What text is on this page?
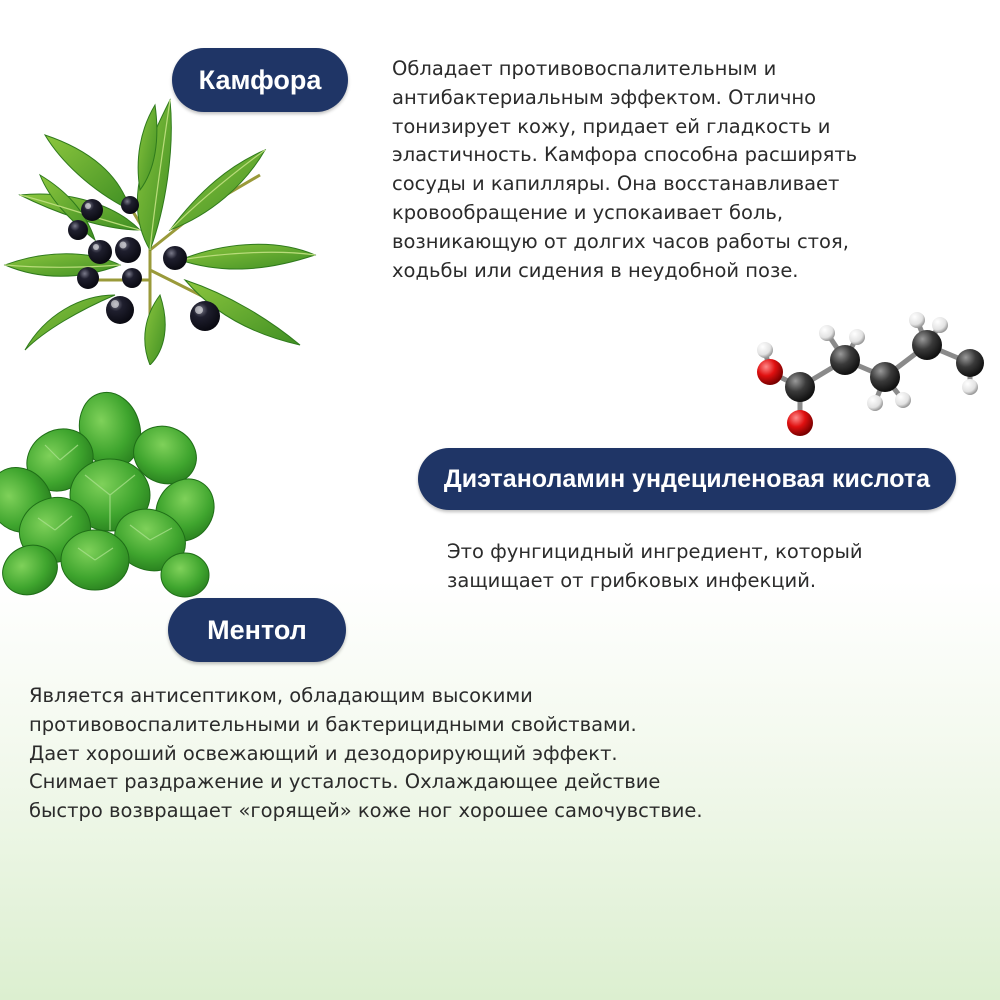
Камфора	Обладает противовоспалительным и
антибактериальным эффектом. Отлично
тонизирует кожу, придает ей гладкость и
эластичность. Камфора способна расширять
сосуды и капилляры. Она восстанавливает
кровообращение и успокаивает боль,
возникающую от долгих часов работы стоя,
ходьбы или сидения в неудобной позе.

Диэтаноламин ундециленовая кислота

Это фунгицидный ингредиент, который
защищает от грибковых инфекций.

Ментол

Является антисептиком, обладающим высокими
противовоспалительными и бактерицидными свойствами.
Дает хороший освежающий и дезодорирующий эффект.
Снимает раздражение и усталость. Охлаждающее действие
быстро возвращает «горящей» коже ног хорошее самочувствие.
